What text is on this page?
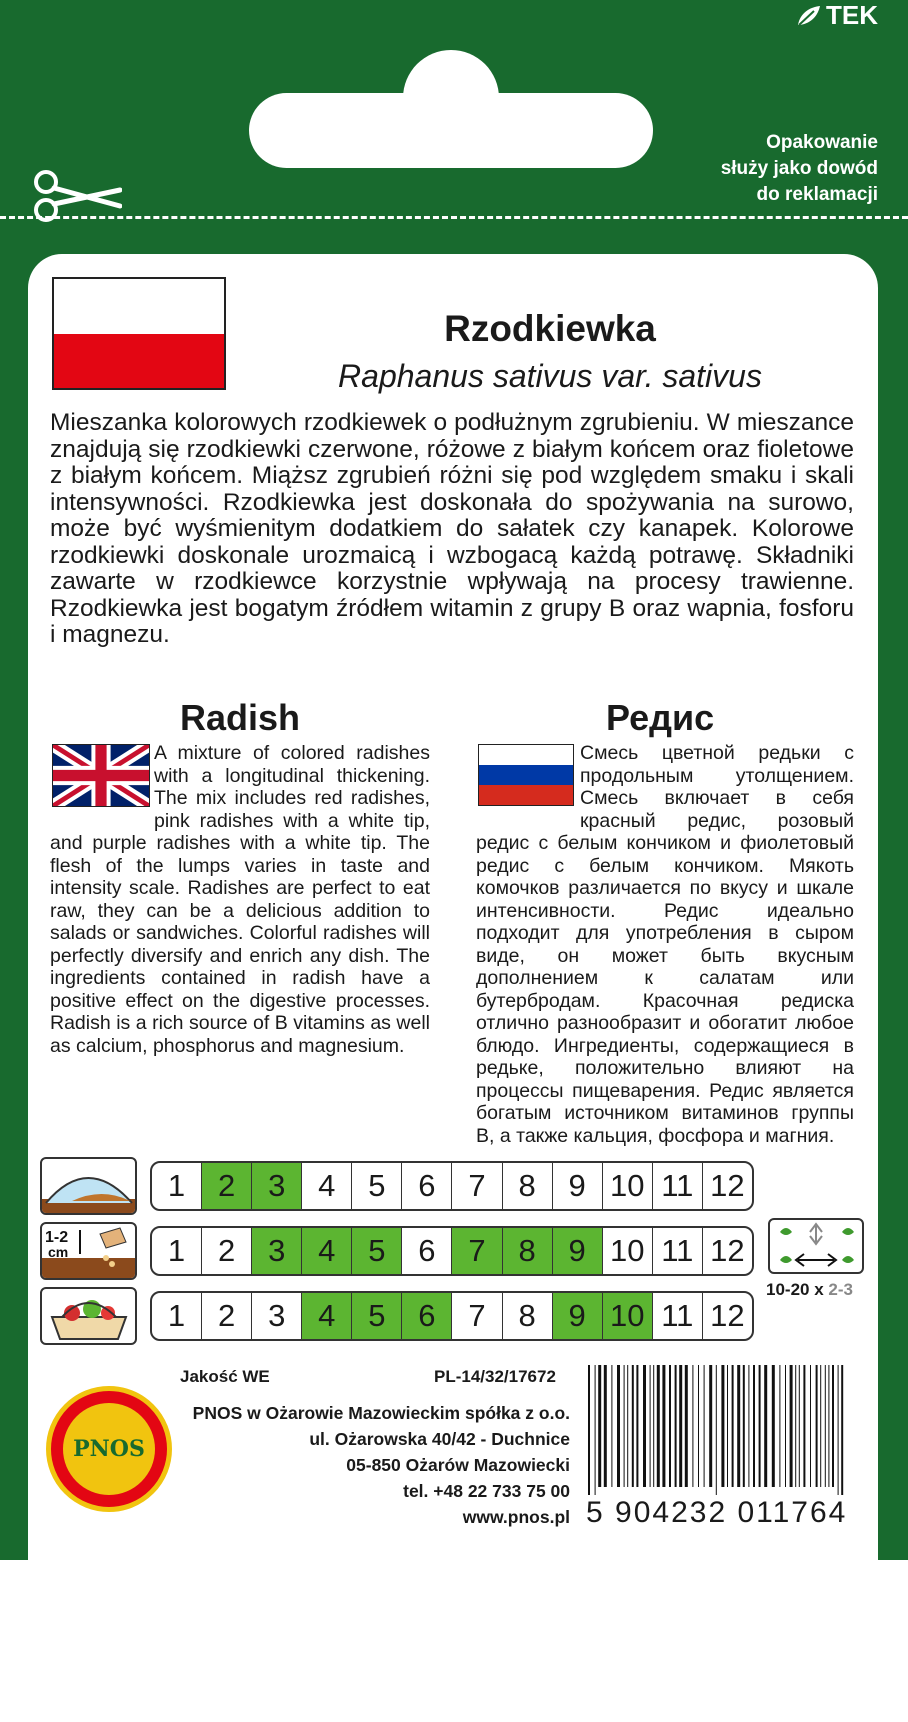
TEK
Opakowanie
służy jako dowód
do reklamacji
Rzodkiewka
Raphanus sativus var. sativus
Mieszanka kolorowych rzodkiewek o podłużnym zgrubieniu. W mieszance znajdują się rzodkiewki czerwone, różowe z białym końcem oraz fioletowe z białym końcem. Miąższ zgrubień różni się pod względem smaku i skali intensywności. Rzodkiewka jest doskonała do spożywania na surowo, może być wyśmienitym dodatkiem do sałatek czy kanapek. Kolorowe rzodkiewki doskonale urozmaicą i wzbogacą każdą potrawę. Składniki zawarte w rzodkiewce korzystnie wpływają na procesy trawienne. Rzodkiewka jest bogatym źródłem witamin z grupy B oraz wapnia, fosforu i magnezu.
Radish	Редис
A mixture of colored radishes with a longitudinal thickening. The mix includes red radishes, pink radishes with a white tip, and purple radishes with a white tip. The flesh of the lumps varies in taste and intensity scale. Radishes are perfect to eat raw, they can be a delicious addition to salads or sandwiches. Colorful radishes will perfectly diversify and enrich any dish. The ingredients contained in radish have a positive effect on the digestive processes. Radish is a rich source of B vitamins as well as calcium, phosphorus and magnesium.
Смесь цветной редьки с продольным утолщением. Смесь включает в себя красный редис, розовый редис с белым кончиком и фиолетовый редис с белым кончиком. Мякоть комочков различается по вкусу и шкале интенсивности. Редис идеально подходит для употребления в сыром виде, он может быть вкусным дополнением к салатам или бутербродам. Красочная редиска отлично разнообразит и обогатит любое блюдо. Ингредиенты, содержащиеся в редьке, положительно влияют на процессы пищеварения. Редис является богатым источником витаминов группы B, а также кальция, фосфора и магния.
1-2
cm
1	2	3	4	5	6	7	8	9 10 11 12
1	2	3	4	5	6	7	8	9 10 11 12
1	2	3	4	5	6	7	8	9 10 11 12
10-20 x 2-3
PNOS
Jakość WE	PL-14/32/17672
PNOS w Ożarowie Mazowieckim spółka z o.o.
ul. Ożarowska 40/42 - Duchnice
05-850 Ożarów Mazowiecki
tel. +48 22 733 75 00
www.pnos.pl 5 904232 011764
